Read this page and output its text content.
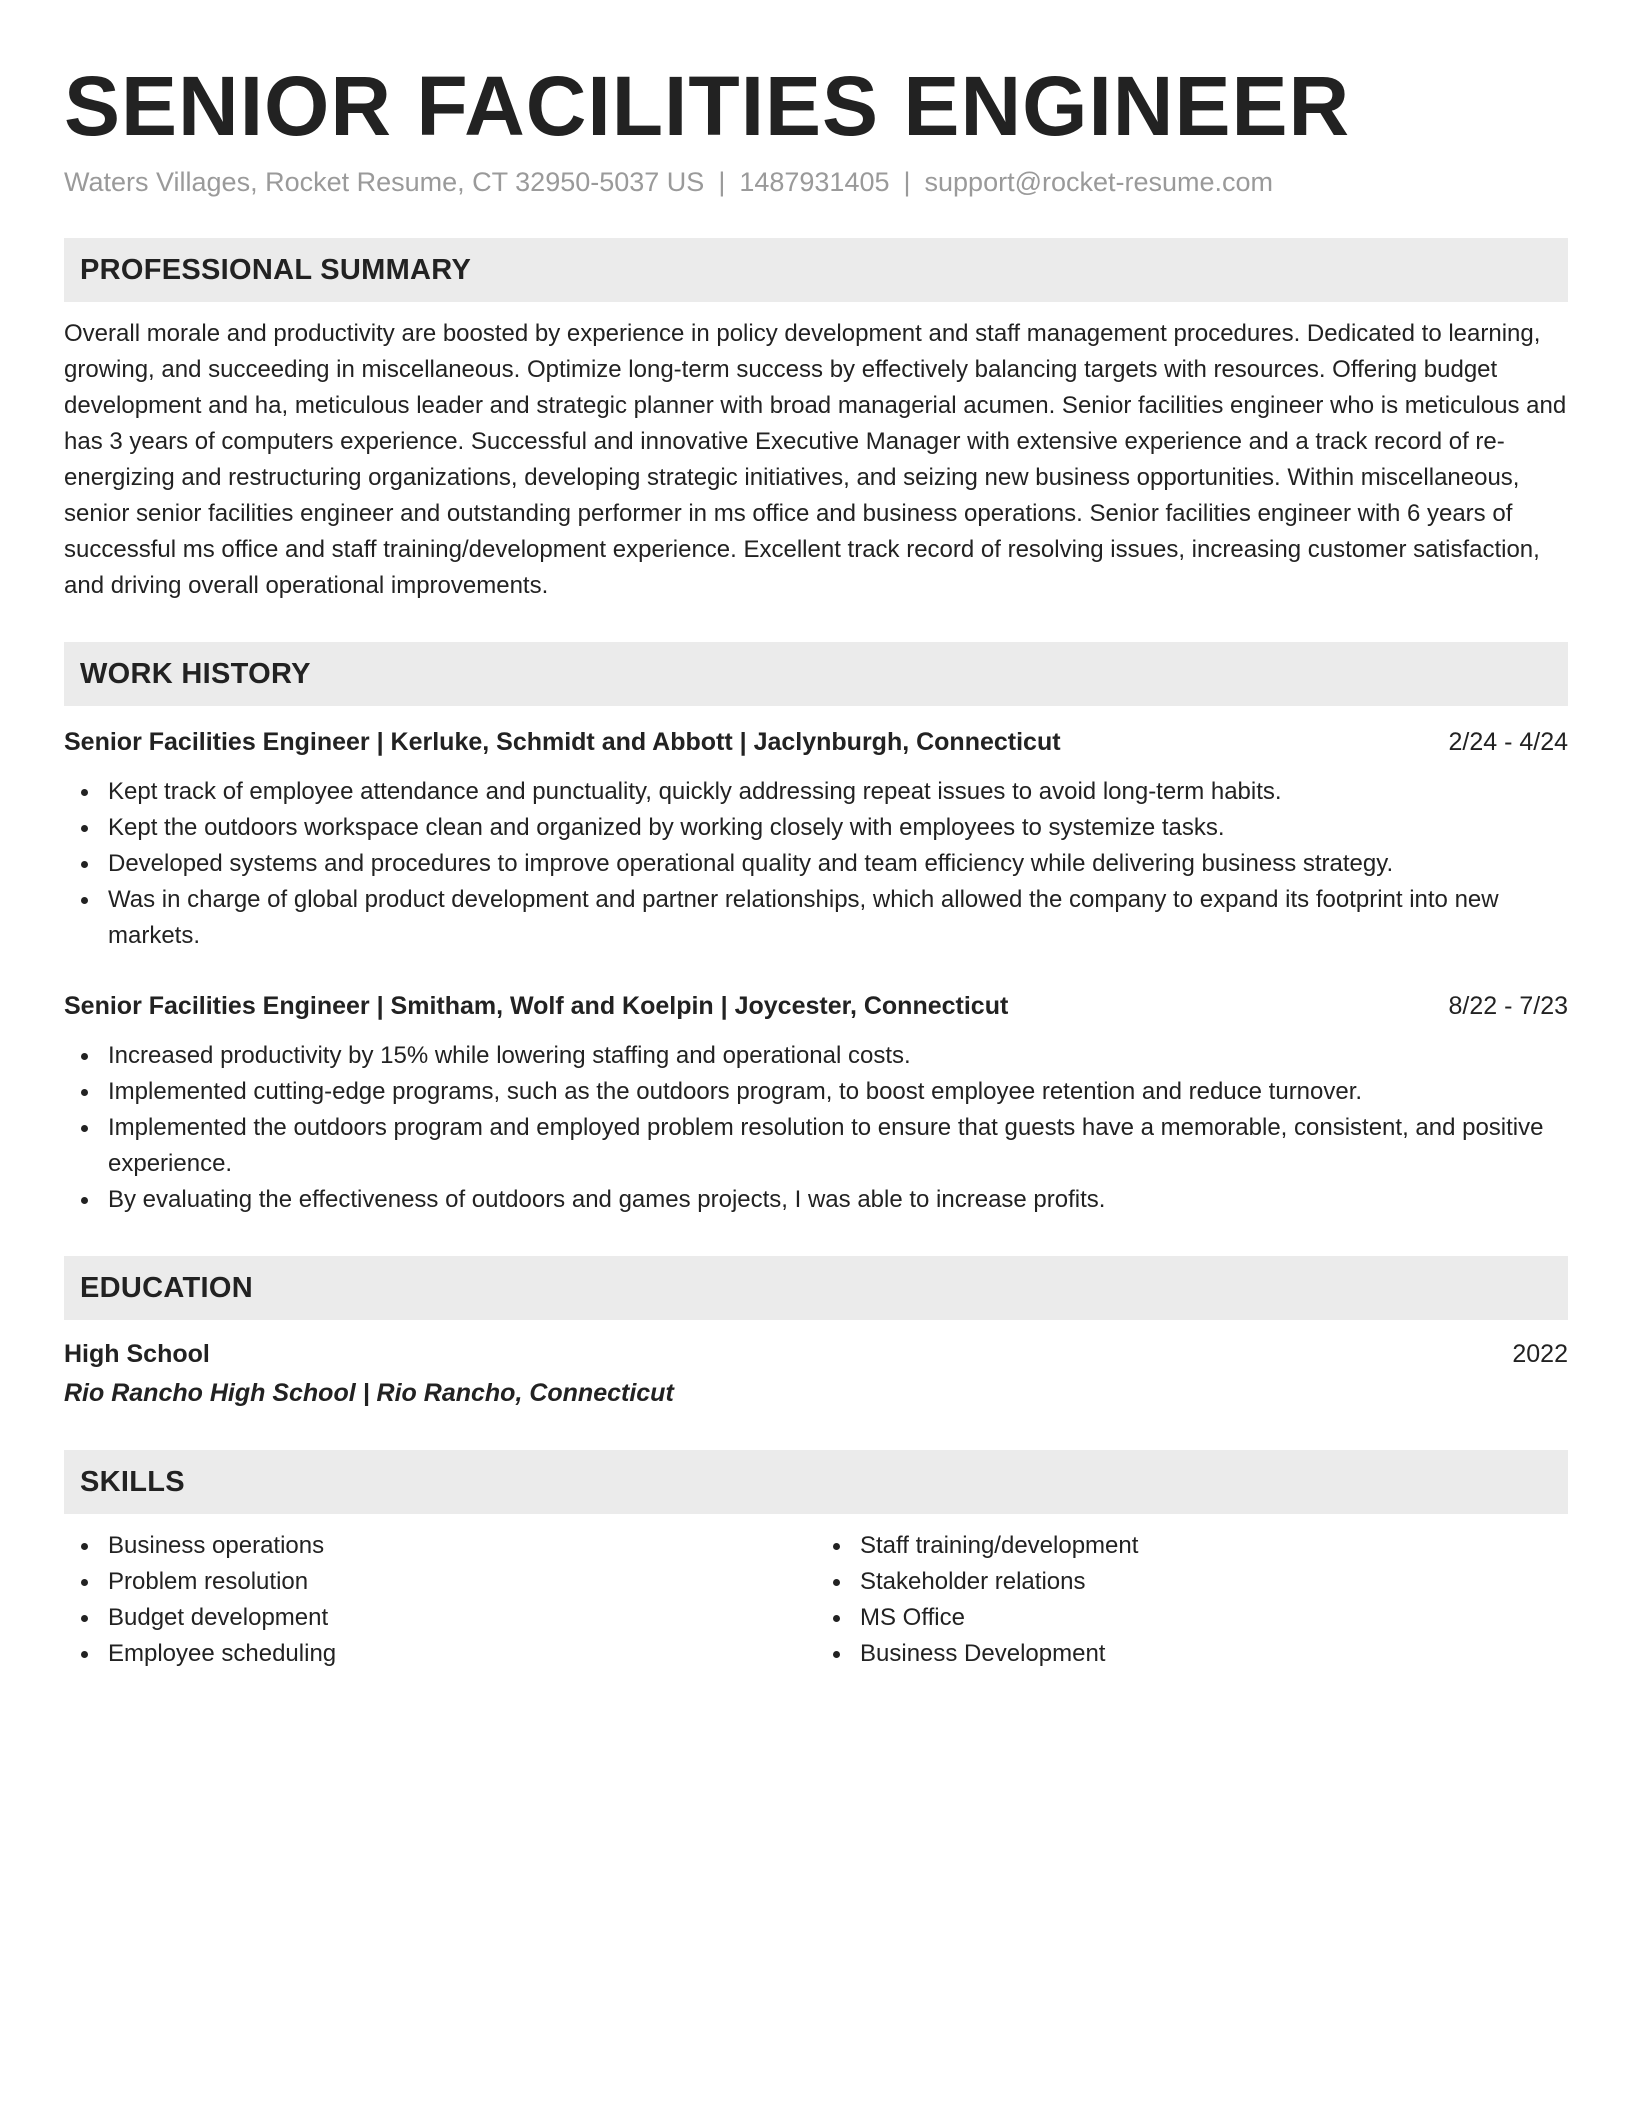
SENIOR FACILITIES ENGINEER
Waters Villages, Rocket Resume, CT 32950-5037 US | 1487931405 | support@rocket-resume.com
PROFESSIONAL SUMMARY

Overall morale and productivity are boosted by experience in policy development and staff management procedures. Dedicated to learning, growing, and succeeding in miscellaneous. Optimize long-term success by effectively balancing targets with resources. Offering budget development and ha, meticulous leader and strategic planner with broad managerial acumen. Senior facilities engineer who is meticulous and has 3 years of computers experience. Successful and innovative Executive Manager with extensive experience and a track record of re-energizing and restructuring organizations, developing strategic initiatives, and seizing new business opportunities. Within miscellaneous, senior senior facilities engineer and outstanding performer in ms office and business operations. Senior facilities engineer with 6 years of successful ms office and staff training/development experience. Excellent track record of resolving issues, increasing customer satisfaction, and driving overall operational improvements.

WORK HISTORY
Senior Facilities Engineer | Kerluke, Schmidt and Abbott | Jaclynburgh, Connecticut	2/24 - 4/24
Kept track of employee attendance and punctuality, quickly addressing repeat issues to avoid long-term habits.
Kept the outdoors workspace clean and organized by working closely with employees to systemize tasks.
Developed systems and procedures to improve operational quality and team efficiency while delivering business strategy.
Was in charge of global product development and partner relationships, which allowed the company to expand its footprint into new markets.
Senior Facilities Engineer | Smitham, Wolf and Koelpin | Joycester, Connecticut	8/22 - 7/23
Increased productivity by 15% while lowering staffing and operational costs.
Implemented cutting-edge programs, such as the outdoors program, to boost employee retention and reduce turnover.
Implemented the outdoors program and employed problem resolution to ensure that guests have a memorable, consistent, and positive experience.
By evaluating the effectiveness of outdoors and games projects, I was able to increase profits.
EDUCATION
High School	2022
Rio Rancho High School | Rio Rancho, Connecticut
SKILLS
Business operations
Problem resolution
Budget development
Employee scheduling
Staff training/development
Stakeholder relations
MS Office
Business Development
